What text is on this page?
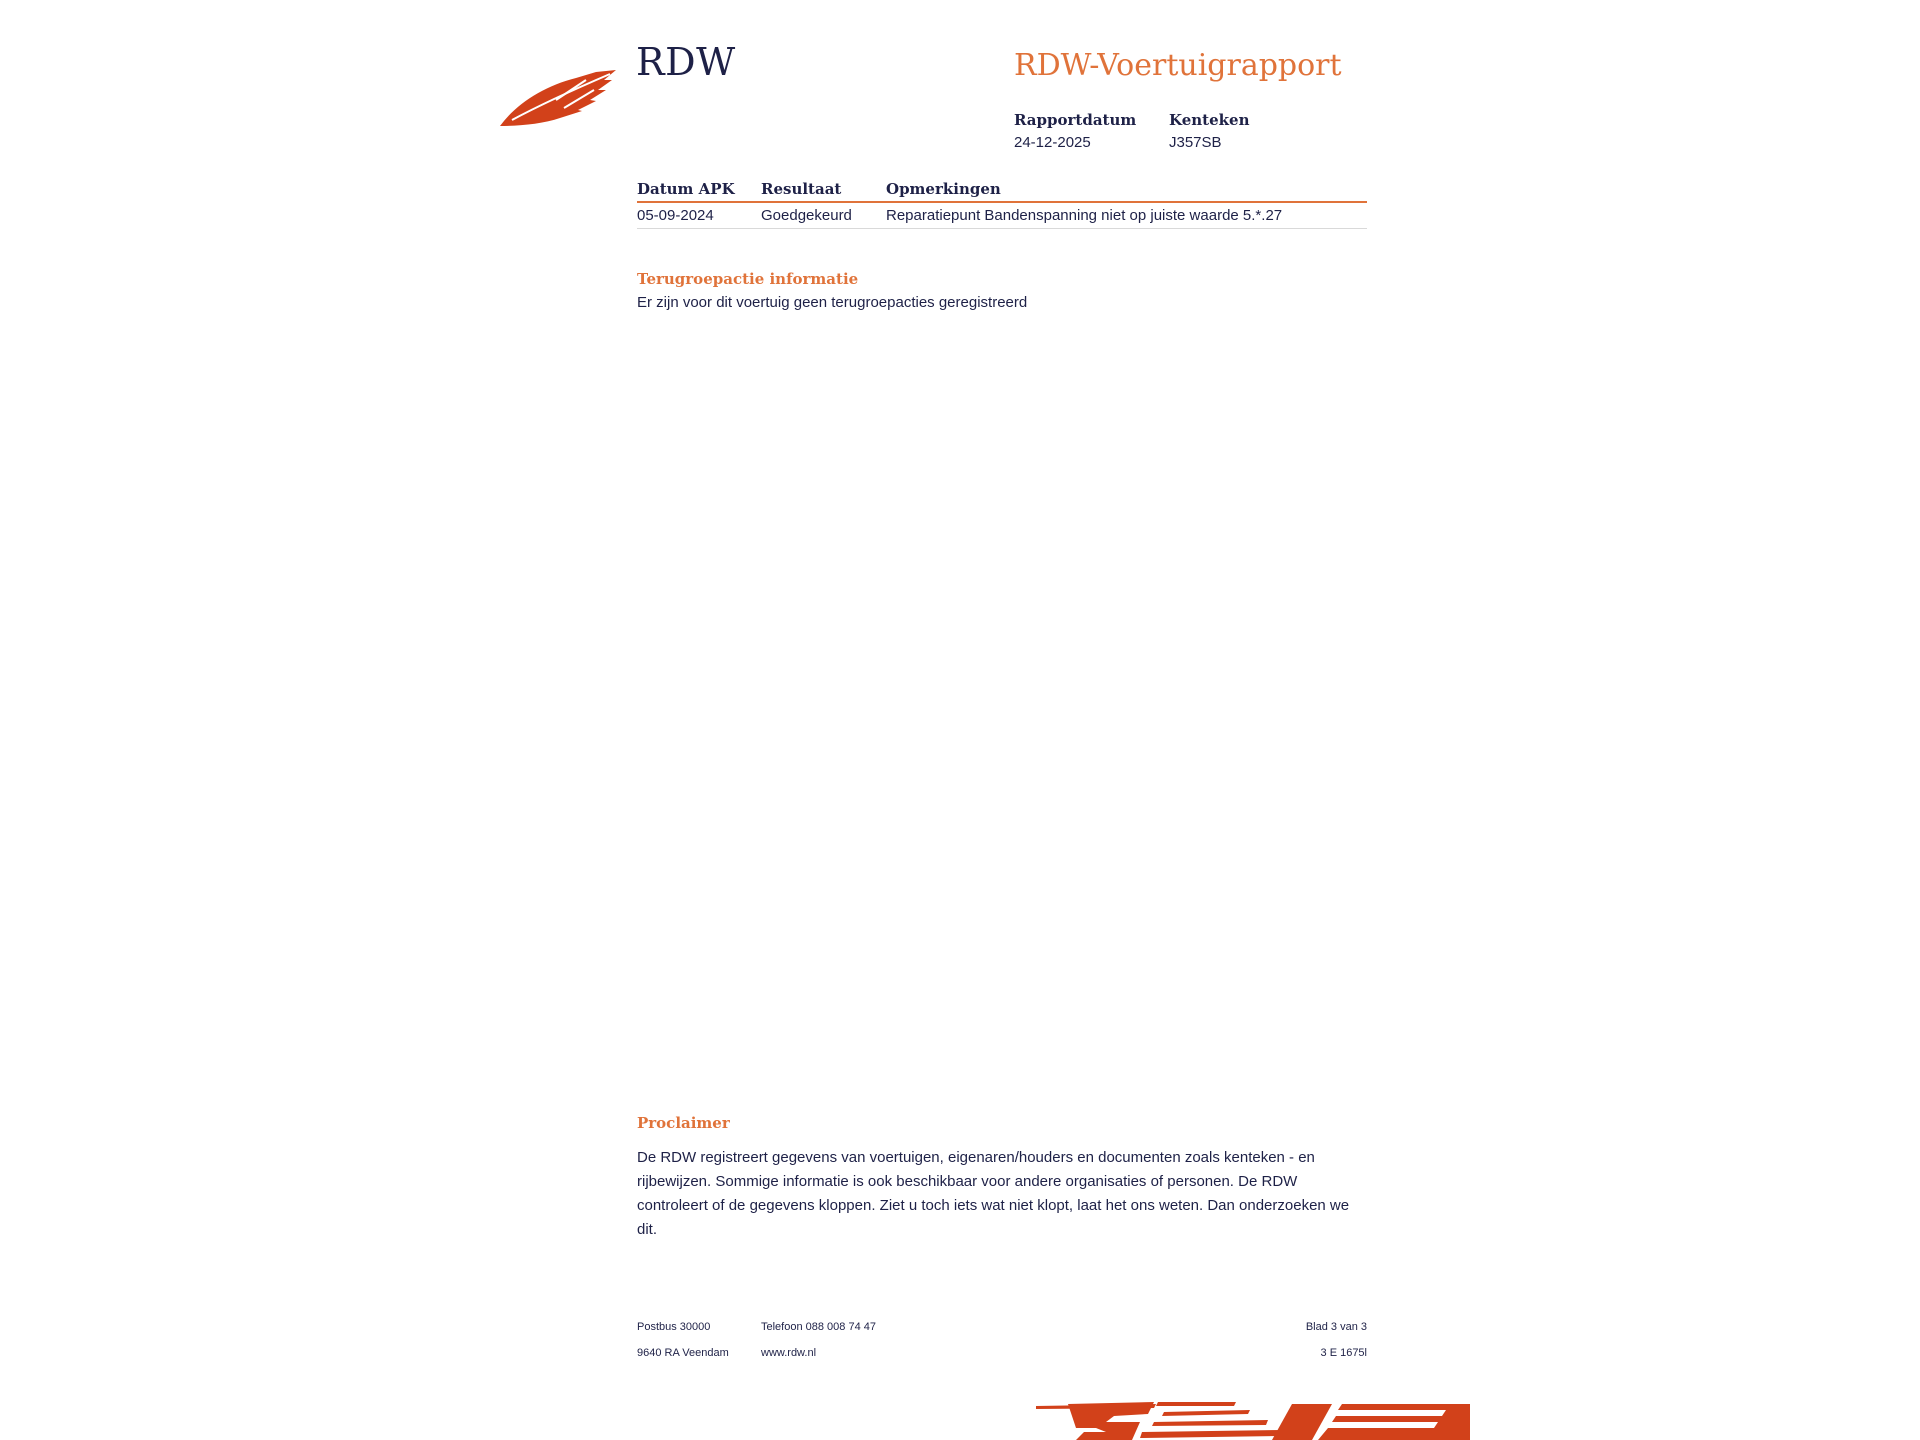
RDW	RDW-Voertuigrapport
Rapportdatum
24-12-2025
Kenteken
J357SB
Datum APK	Resultaat	Opmerkingen
05-09-2024	Goedgekeurd	Reparatiepunt Bandenspanning niet op juiste waarde 5.*.27
Terugroepactie informatie
Er zijn voor dit voertuig geen terugroepacties geregistreerd
Proclaimer
De RDW registreert gegevens van voertuigen, eigenaren/houders en documenten zoals kenteken - en rijbewijzen. Sommige informatie is ook beschikbaar voor andere organisaties of personen. De RDW controleert of de gegevens kloppen. Ziet u toch iets wat niet klopt, laat het ons weten. Dan onderzoeken we dit.
Postbus 30000
9640 RA Veendam
Telefoon 088 008 74 47
www.rdw.nl
Blad 3 van 3
3 E 1675l
